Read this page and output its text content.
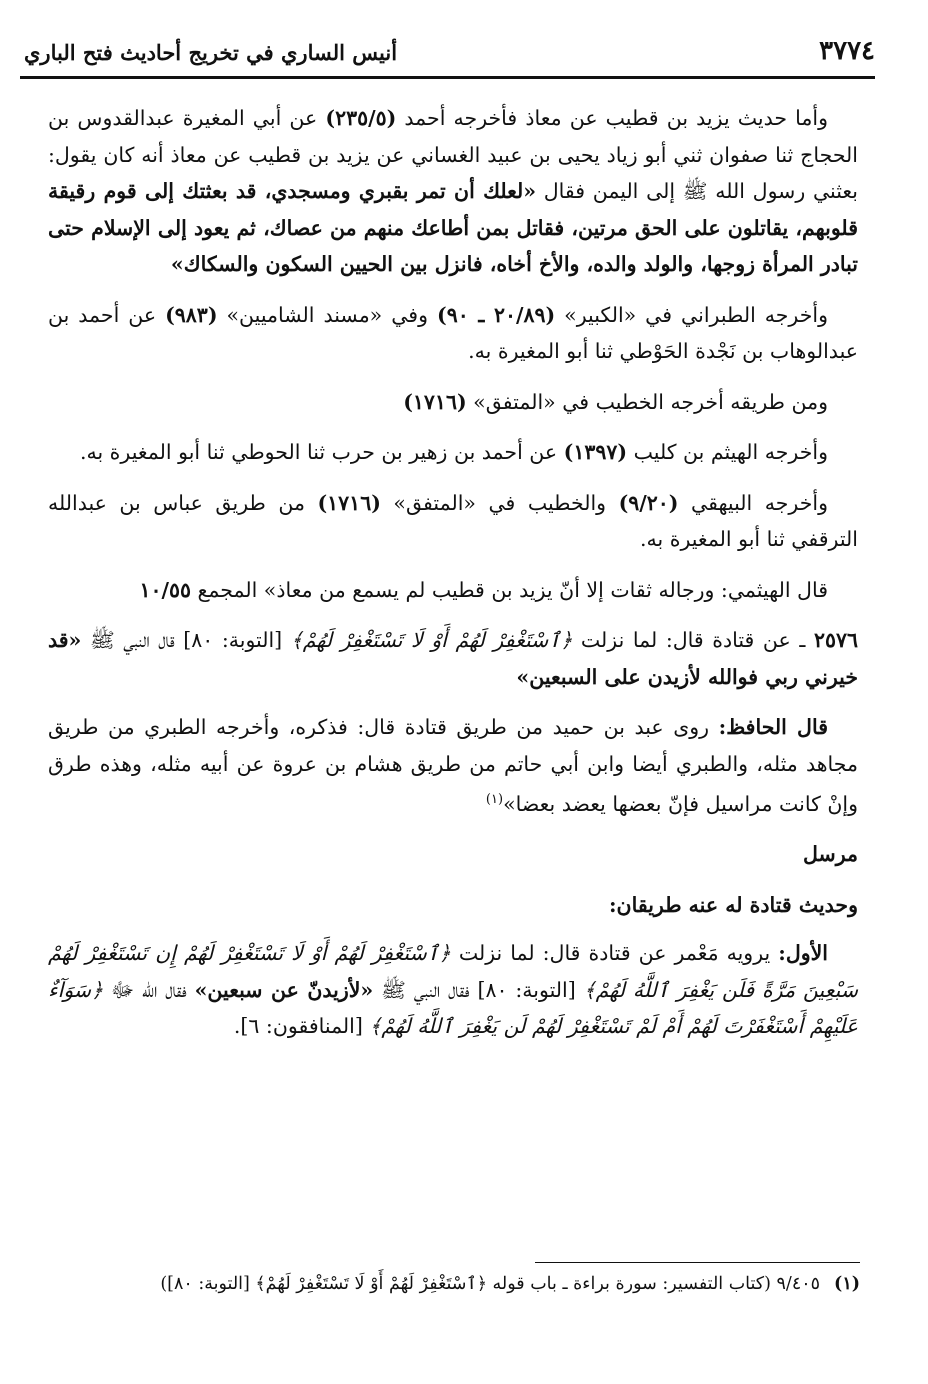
٣٧٧٤
أنيس الساري في تخريج أحاديث فتح الباري

وأما حديث يزيد بن قطيب عن معاذ فأخرجه أحمد (٢٣٥/٥) عن أبي المغيرة عبدالقدوس بن الحجاج ثنا صفوان ثني أبو زياد يحيى بن عبيد الغساني عن يزيد بن قطيب عن معاذ أنه كان يقول: بعثني رسول الله ﷺ إلى اليمن فقال «لعلك أن تمر بقبري ومسجدي، قد بعثتك إلى قوم رقيقة قلوبهم، يقاتلون على الحق مرتين، فقاتل بمن أطاعك منهم من عصاك، ثم يعود إلى الإسلام حتى تبادر المرأة زوجها، والولد والده، والأخ أخاه، فانزل بين الحيين السكون والسكاك»

وأخرجه الطبراني في «الكبير» (٢٠/٨٩ ـ ٩٠) وفي «مسند الشاميين» (٩٨٣) عن أحمد بن عبدالوهاب بن نَجْدة الحَوْطي ثنا أبو المغيرة به.

ومن طريقه أخرجه الخطيب في «المتفق» (١٧١٦)

وأخرجه الهيثم بن كليب (١٣٩٧) عن أحمد بن زهير بن حرب ثنا الحوطي ثنا أبو المغيرة به.

وأخرجه البيهقي (٩/٢٠) والخطيب في «المتفق» (١٧١٦) من طريق عباس بن عبدالله الترقفي ثنا أبو المغيرة به.

قال الهيثمي: ورجاله ثقات إلا أنّ يزيد بن قطيب لم يسمع من معاذ» المجمع ١٠/٥٥

٢٥٧٦ ـ عن قتادة قال: لما نزلت ﴿ٱسْتَغْفِرْ لَهُمْ أَوْ لَا تَسْتَغْفِرْ لَهُمْ﴾ [التوبة: ٨٠] قال النبي ﷺ «قد خيرني ربي فوالله لأزيدن على السبعين»

قال الحافظ: روى عبد بن حميد من طريق قتادة قال: فذكره، وأخرجه الطبري من طريق مجاهد مثله، والطبري أيضا وابن أبي حاتم من طريق هشام بن عروة عن أبيه مثله، وهذه طرق وإنْ كانت مراسيل فإنّ بعضها يعضد بعضا»$^{(١)}$

مرسل

وحديث قتادة له عنه طريقان:

الأول: يرويه مَعْمر عن قتادة قال: لما نزلت ﴿ٱسْتَغْفِرْ لَهُمْ أَوْ لَا تَسْتَغْفِرْ لَهُمْ إِن تَسْتَغْفِرْ لَهُمْ سَبْعِينَ مَرَّةً فَلَن يَغْفِرَ ٱللَّهُ لَهُمْ﴾ [التوبة: ٨٠] فقال النبي ﷺ «لأزيدنّ عن سبعين» فقال الله ﷻ ﴿سَوَآءٌ عَلَيْهِمْ أَسْتَغْفَرْتَ لَهُمْ أَمْ لَمْ تَسْتَغْفِرْ لَهُمْ لَن يَغْفِرَ ٱللَّهُ لَهُمْ﴾ [المنافقون: ٦].

(١)٩/٤٠٥ (كتاب التفسير: سورة براءة ـ باب قوله ﴿ٱسْتَغْفِرْ لَهُمْ أَوْ لَا تَسْتَغْفِرْ لَهُمْ﴾ [التوبة: ٨٠])
